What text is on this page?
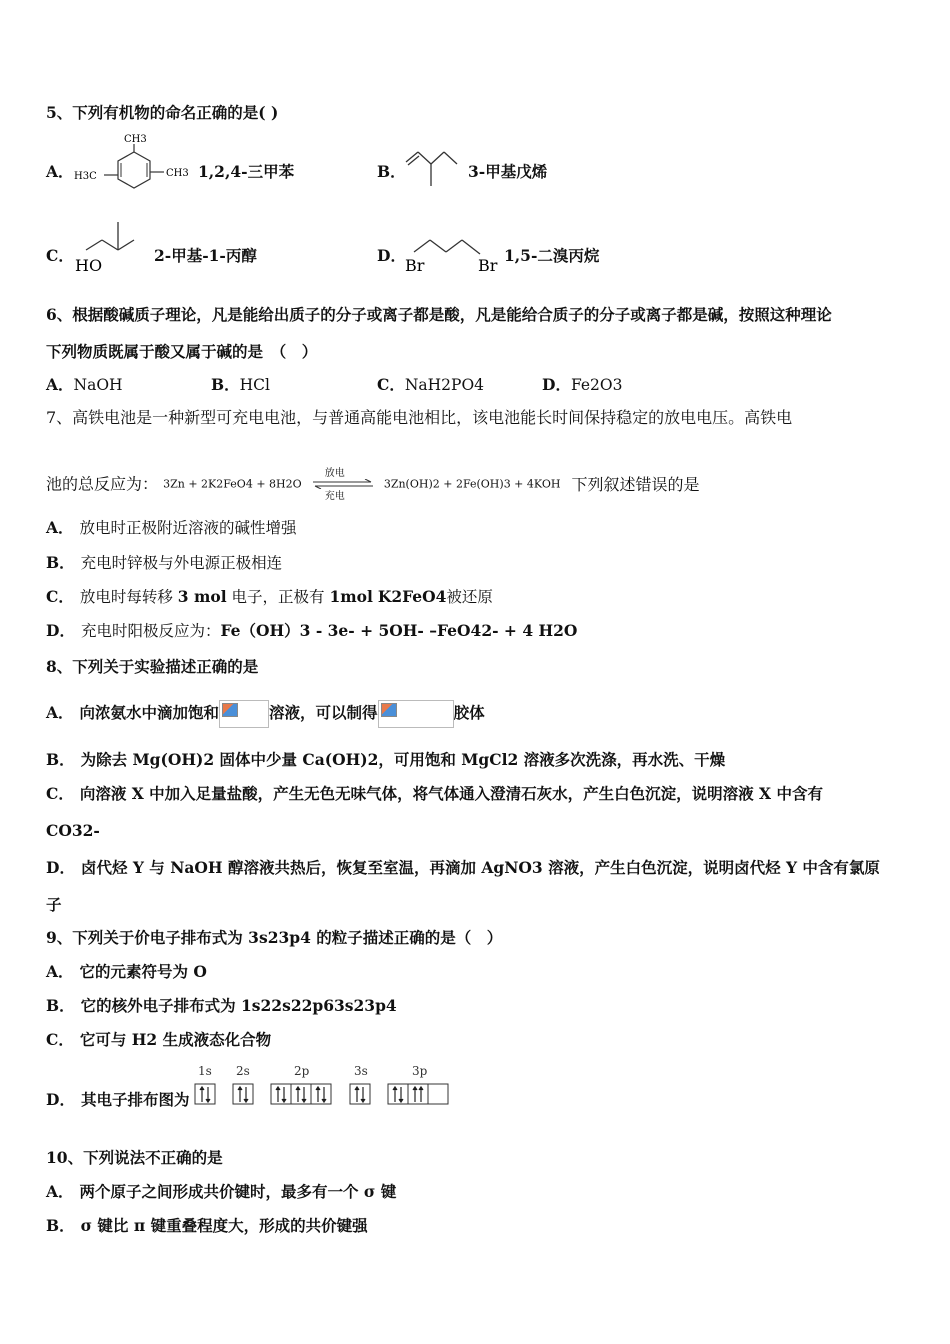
5、下列有机物的命名正确的是( )
A．
CH3
H3C	CH3 1,2,4-三甲苯	B．	3-甲基戊烯
C．
HO
2-甲基-1-丙醇	D．
Br	Br
1,5-二溴丙烷
6、根据酸碱质子理论，凡是能给出质子的分子或离子都是酸，凡是能给合质子的分子或离子都是碱，按照这种理论
下列物质既属于酸又属于碱的是　（　）
A．NaOH	B．HCl	C．NaH2PO4	D．Fe2O3
7、高铁电池是一种新型可充电电池，与普通高能电池相比，该电池能长时间保持稳定的放电电压。高铁电
池的总反应为： 3Zn + 2K2FeO4 + 8H2O
放电
充电
3Zn(OH)2 + 2Fe(OH)3 + 4KOH 下列叙述错误的是
A． 放电时正极附近溶液的碱性增强
B． 充电时锌极与外电源正极相连
C． 放电时每转移 3 mol 电子，正极有 1mol K2FeO4被还原
D． 充电时阳极反应为：Fe（OH）3 - 3e- + 5OH- –FeO42- + 4 H2O
8、下列关于实验描述正确的是
A． 向浓氨水中滴加饱和	溶液，可以制得	胶体
B． 为除去 Mg(OH)2 固体中少量 Ca(OH)2，可用饱和 MgCl2 溶液多次洗涤，再水洗、干燥
C． 向溶液 X 中加入足量盐酸，产生无色无味气体，将气体通入澄清石灰水，产生白色沉淀，说明溶液 X 中含有
CO32-
D． 卤代烃 Y 与 NaOH 醇溶液共热后，恢复至室温，再滴加 AgNO3 溶液，产生白色沉淀，说明卤代烃 Y 中含有氯原
子
9、下列关于价电子排布式为 3s23p4 的粒子描述正确的是（　）
A． 它的元素符号为 O
B． 它的核外电子排布式为 1s22s22p63s23p4
C． 它可与 H2 生成液态化合物
D． 其电子排布图为
1s 2s	2p	3s	3p
10、下列说法不正确的是
A． 两个原子之间形成共价键时，最多有一个 σ 键
B． σ 键比 π 键重叠程度大，形成的共价键强
